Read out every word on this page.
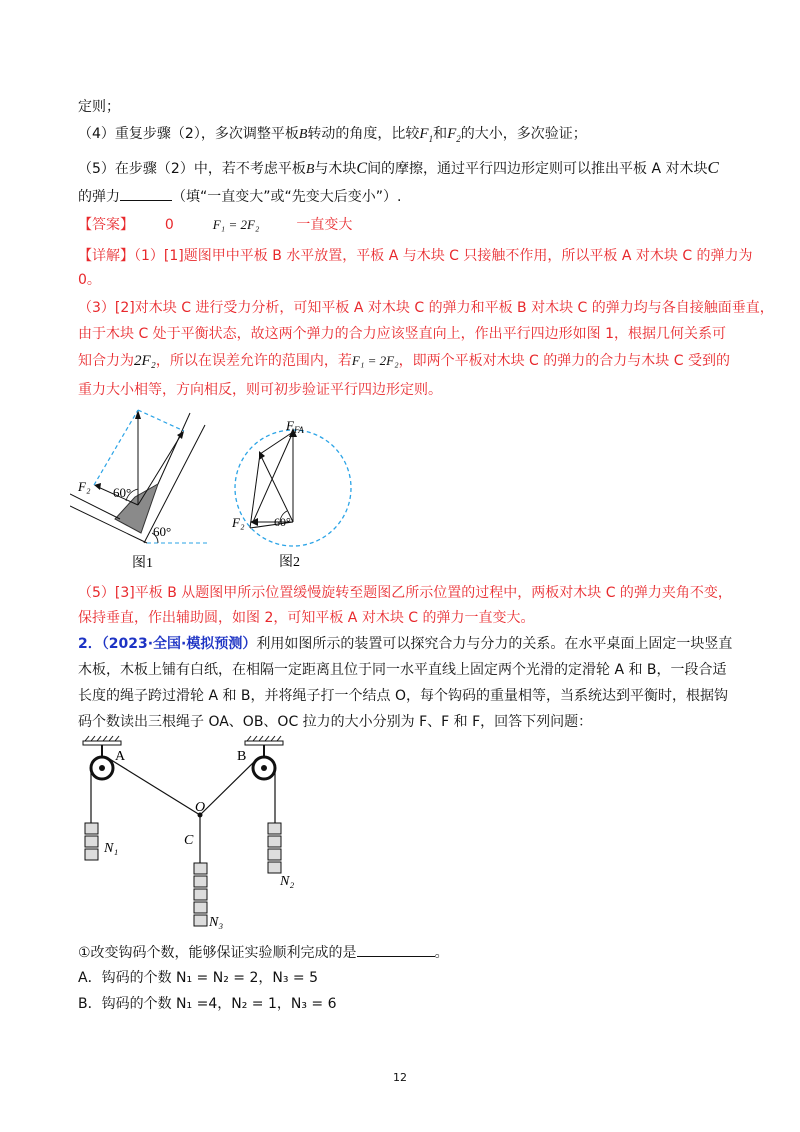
定则；
（4）重复步骤（2），多次调整平板B转动的角度，比较$F_1$和$F_2$的大小，多次验证；
（5）在步骤（2）中，若不考虑平板B与木块C间的摩擦，通过平行四边形定则可以推出平板 A 对木块C
的弹力	（填“一直变大”或“先变大后变小”）.
【答案】 0	F₁ = 2F₂	一直变大
【详解】（1）[1]题图甲中平板 B 水平放置，平板 A 与木块 C 只接触不作用，所以平板 A 对木块 C 的弹力为
0。
（3）[2]对木块 C 进行受力分析，可知平板 A 对木块 C 的弹力和平板 B 对木块 C 的弹力均与各自接触面垂直，
由于木块 C 处于平衡状态，故这两个弹力的合力应该竖直向上，作出平行四边形如图 1，根据几何关系可
知合力为2F₂，所以在误差允许的范围内，若F₁ = 2F₂，即两个平板对木块 C 的弹力的合力与木块 C 受到的
重力大小相等，方向相反，则可初步验证平行四边形定则。
F₂ 60°
60°
图1
$F_{FA}$
F₂ 60°
图2
（5）[3]平板 B 从题图甲所示位置缓慢旋转至题图乙所示位置的过程中，两板对木块 C 的弹力夹角不变，
保持垂直，作出辅助圆，如图 2，可知平板 A 对木块 C 的弹力一直变大。
2．（2023·全国·模拟预测）利用如图所示的装置可以探究合力与分力的关系。在水平桌面上固定一块竖直
木板，木板上铺有白纸，在相隔一定距离且位于同一水平直线上固定两个光滑的定滑轮 A 和 B，一段合适
长度的绳子跨过滑轮 A 和 B，并将绳子打一个结点 O，每个钩码的重量相等，当系统达到平衡时，根据钩
码个数读出三根绳子 OA、OB、OC 拉力的大小分别为 F、F 和 F，回答下列问题：
A	B
O
C
N₁
N₂
N₃
①改变钩码个数，能够保证实验顺利完成的是	。
A．钩码的个数 N₁ = N₂ = 2，N₃ = 5
B．钩码的个数 N₁ =4，N₂ = 1，N₃ = 6
12
